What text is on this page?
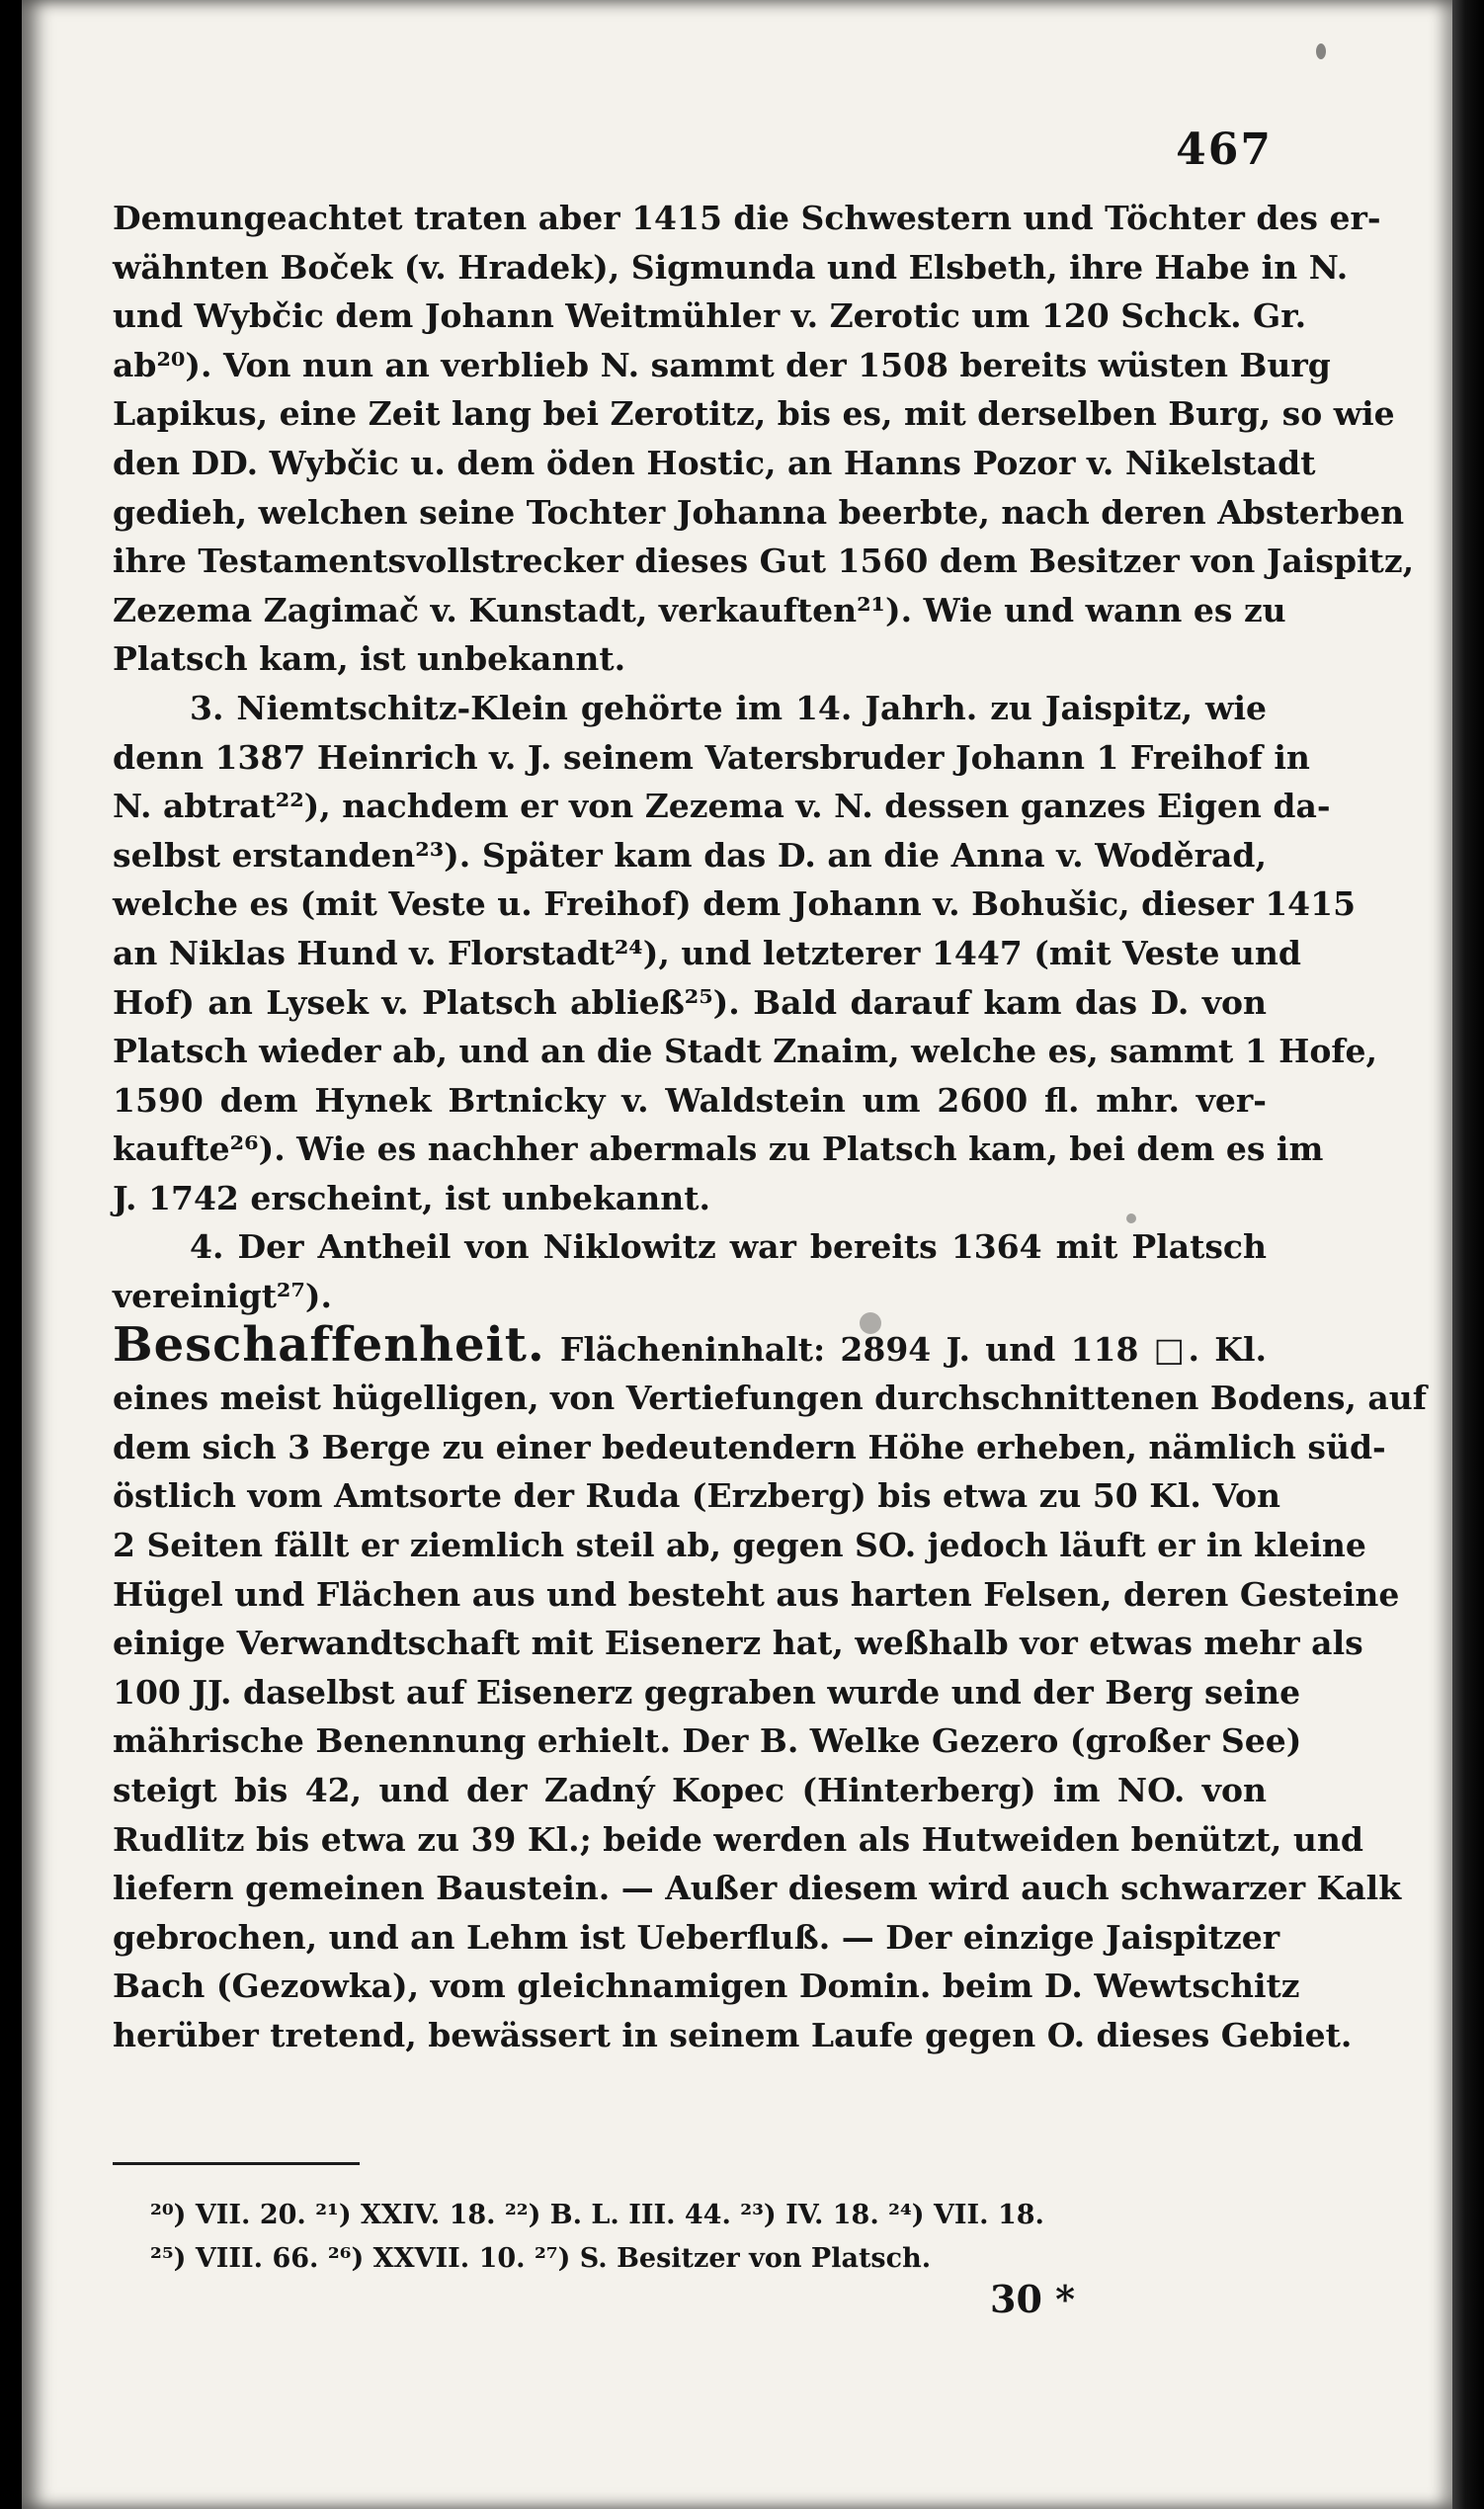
467
Demungeachtet traten aber 1415 die Schwestern und Töchter des er-
wähnten Boček (v. Hradek), Sigmunda und Elsbeth, ihre Habe in N.
und Wybčic dem Johann Weitmühler v. Zerotic um 120 Schck. Gr.
ab²⁰). Von nun an verblieb N. sammt der 1508 bereits wüsten Burg
Lapikus, eine Zeit lang bei Zerotitz, bis es, mit derselben Burg, so wie
den DD. Wybčic u. dem öden Hostic, an Hanns Pozor v. Nikelstadt
gedieh, welchen seine Tochter Johanna beerbte, nach deren Absterben
ihre Testamentsvollstrecker dieses Gut 1560 dem Besitzer von Jaispitz,
Zezema Zagimač v. Kunstadt, verkauften²¹). Wie und wann es zu
Platsch kam, ist unbekannt.
3. Niemtschitz-Klein gehörte im 14. Jahrh. zu Jaispitz, wie
denn 1387 Heinrich v. J. seinem Vatersbruder Johann 1 Freihof in
N. abtrat²²), nachdem er von Zezema v. N. dessen ganzes Eigen da-
selbst erstanden²³). Später kam das D. an die Anna v. Woděrad,
welche es (mit Veste u. Freihof) dem Johann v. Bohušic, dieser 1415
an Niklas Hund v. Florstadt²⁴), und letzterer 1447 (mit Veste und
Hof) an Lysek v. Platsch abließ²⁵). Bald darauf kam das D. von
Platsch wieder ab, und an die Stadt Znaim, welche es, sammt 1 Hofe,
1590 dem Hynek Brtnicky v. Waldstein um 2600 fl. mhr. ver-
kaufte²⁶). Wie es nachher abermals zu Platsch kam, bei dem es im
J. 1742 erscheint, ist unbekannt.
4. Der Antheil von Niklowitz war bereits 1364 mit Platsch
vereinigt²⁷).
Beschaffenheit. Flächeninhalt: 2894 J. und 118 □. Kl.
eines meist hügelligen, von Vertiefungen durchschnittenen Bodens, auf
dem sich 3 Berge zu einer bedeutendern Höhe erheben, nämlich süd-
östlich vom Amtsorte der Ruda (Erzberg) bis etwa zu 50 Kl. Von
2 Seiten fällt er ziemlich steil ab, gegen SO. jedoch läuft er in kleine
Hügel und Flächen aus und besteht aus harten Felsen, deren Gesteine
einige Verwandtschaft mit Eisenerz hat, weßhalb vor etwas mehr als
100 JJ. daselbst auf Eisenerz gegraben wurde und der Berg seine
mährische Benennung erhielt. Der B. Welke Gezero (großer See)
steigt bis 42, und der Zadný Kopec (Hinterberg) im NO. von
Rudlitz bis etwa zu 39 Kl.; beide werden als Hutweiden benützt, und
liefern gemeinen Baustein. — Außer diesem wird auch schwarzer Kalk
gebrochen, und an Lehm ist Ueberfluß. — Der einzige Jaispitzer
Bach (Gezowka), vom gleichnamigen Domin. beim D. Wewtschitz
herüber tretend, bewässert in seinem Laufe gegen O. dieses Gebiet.
²⁰) VII. 20. ²¹) XXIV. 18. ²²) B. L. III. 44. ²³) IV. 18. ²⁴) VII. 18.
²⁵) VIII. 66. ²⁶) XXVII. 10. ²⁷) S. Besitzer von Platsch.
30 *
